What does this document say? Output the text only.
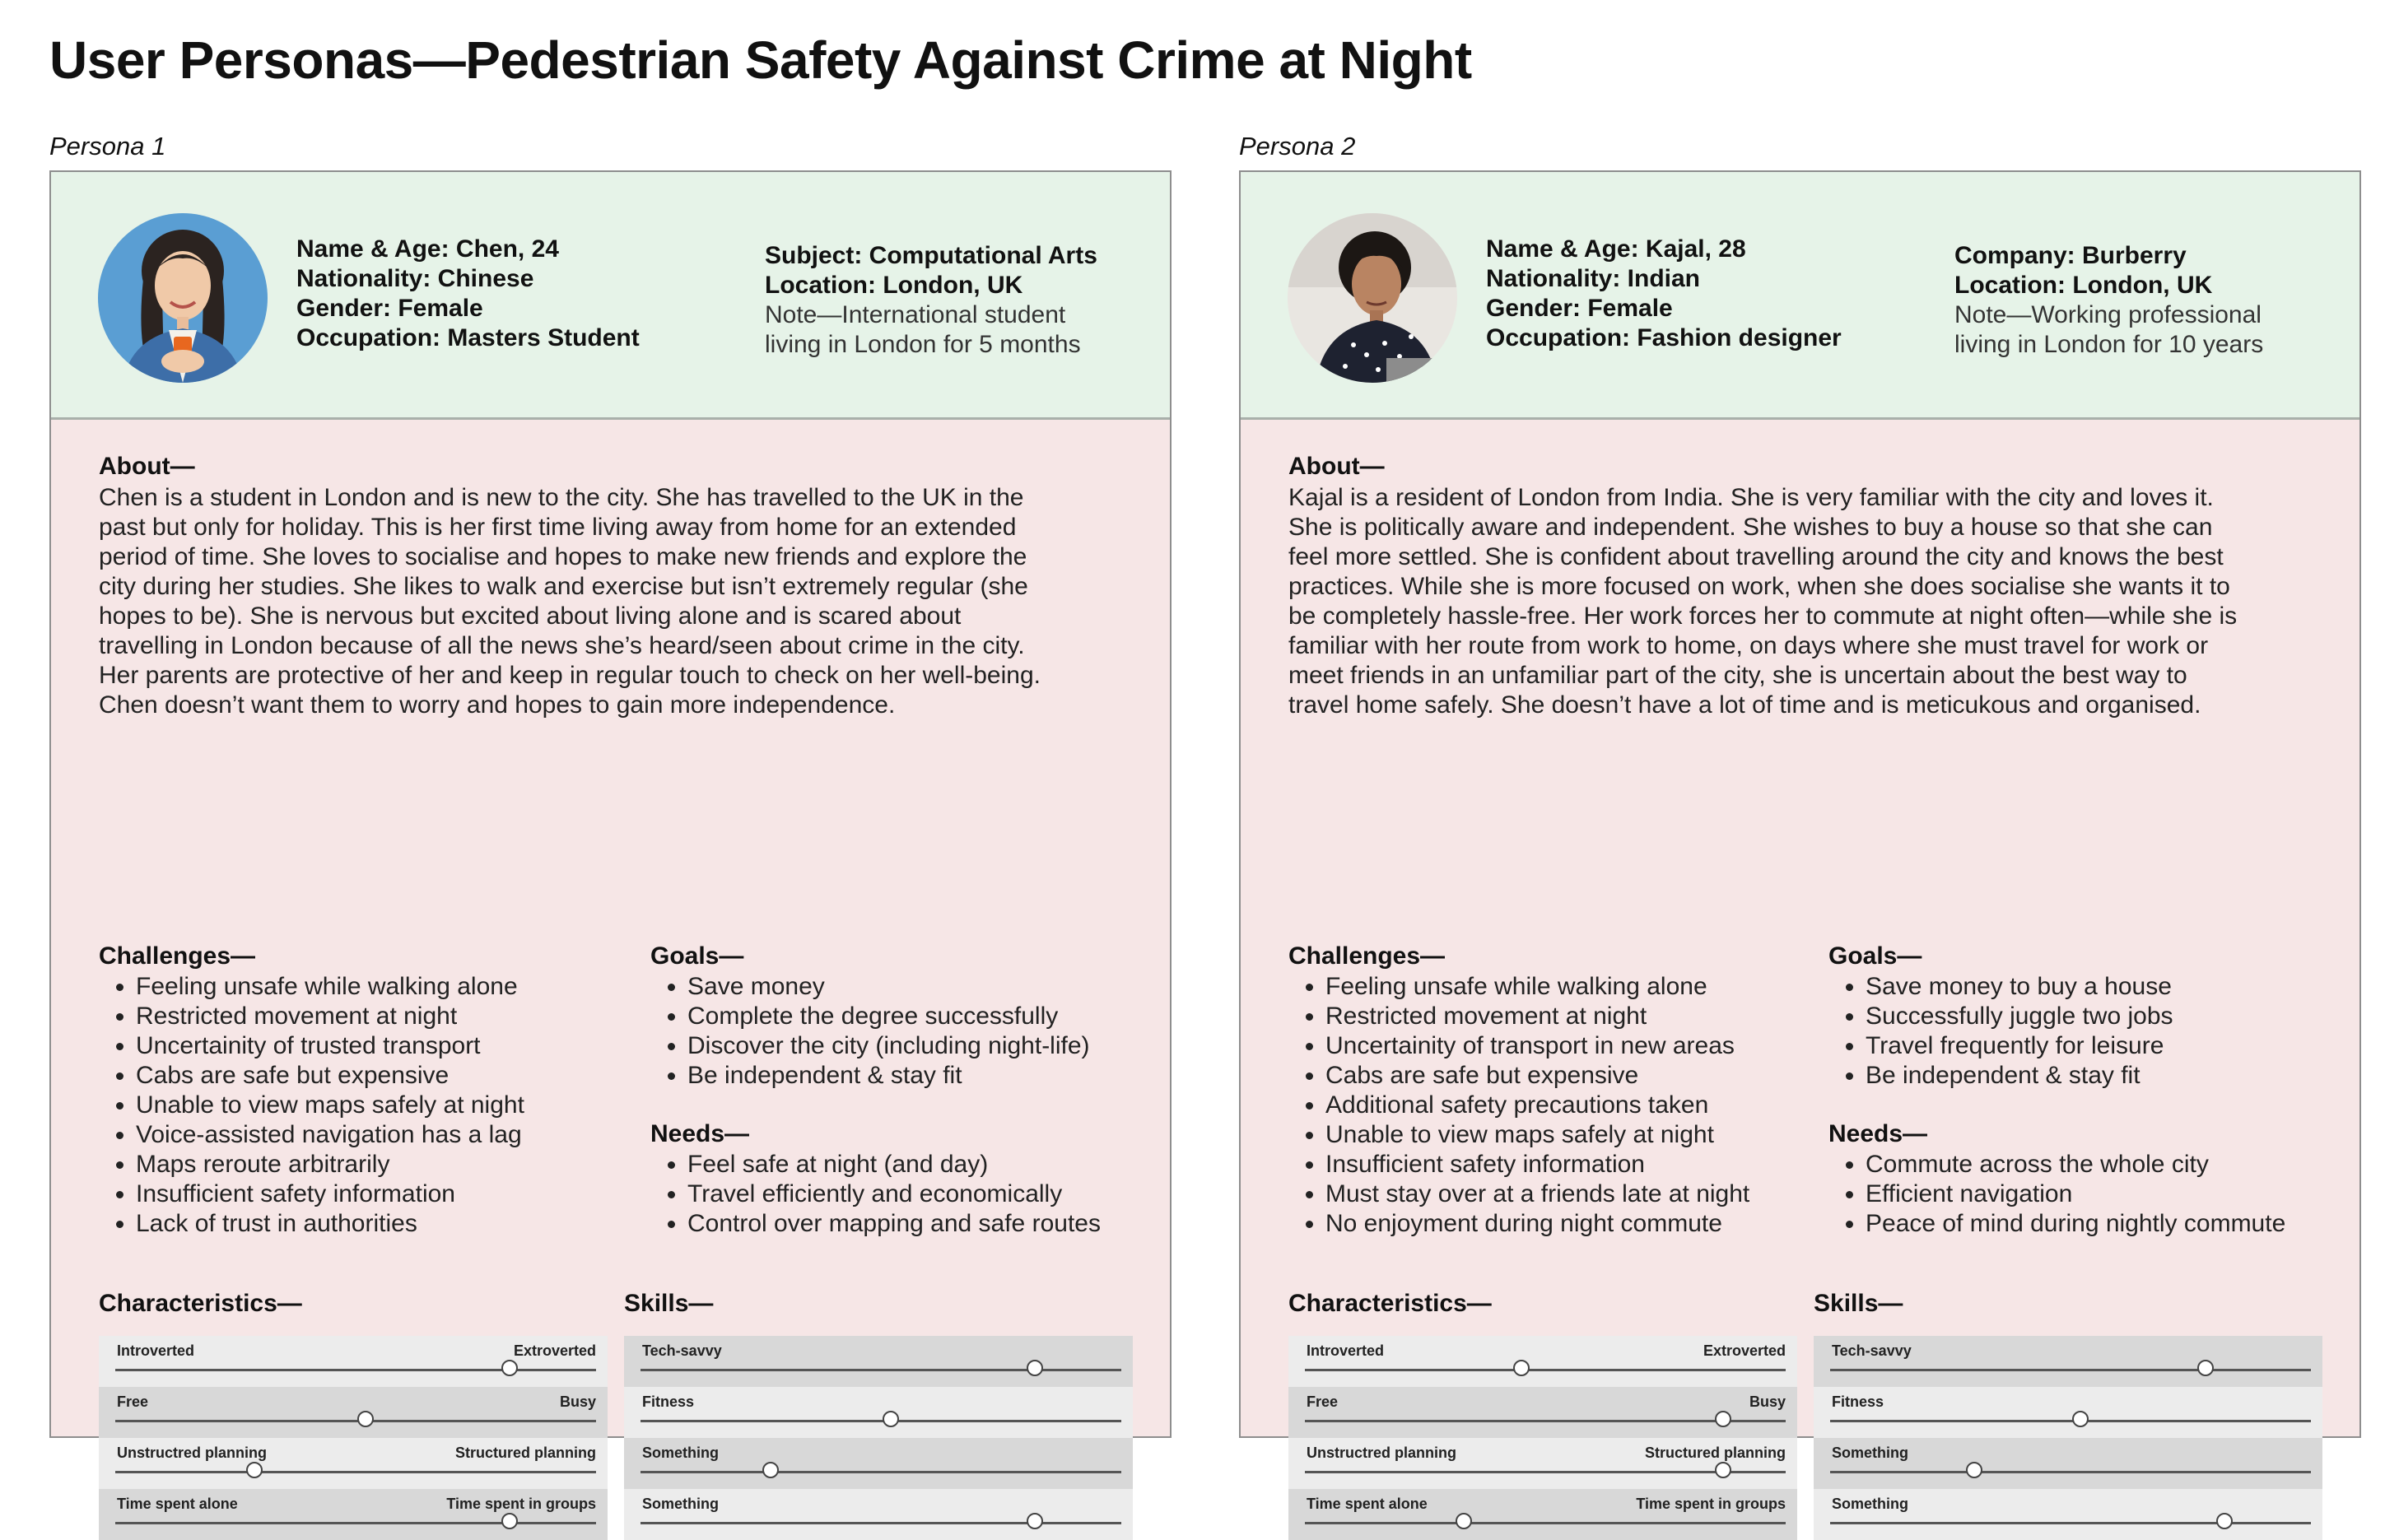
User Personas—Pedestrian Safety Against Crime at Night
Persona 1
Name & Age: Chen, 24
Nationality: Chinese
Gender: Female
Occupation: Masters Student
Subject: Computational Arts
Location: London, UK
Note—International student
living in London for 5 months
About—
Chen is a student in London and is new to the city. She has travelled to the UK in the
past but only for holiday. This is her first time living away from home for an extended
period of time. She loves to socialise and hopes to make new friends and explore the
city during her studies. She likes to walk and exercise but isn’t extremely regular (she
hopes to be). She is nervous but excited about living alone and is scared about
travelling in London because of all the news she’s heard/seen about crime in the city.
Her parents are protective of her and keep in regular touch to check on her well-being.
Chen doesn’t want them to worry and hopes to gain more independence.
Challenges—
• Feeling unsafe while walking alone
• Restricted movement at night
• Uncertainity of trusted transport
• Cabs are safe but expensive
• Unable to view maps safely at night
• Voice-assisted navigation has a lag
• Maps reroute arbitrarily
• Insufficient safety information
• Lack of trust in authorities
Goals—
• Save money
• Complete the degree successfully
• Discover the city (including night-life)
• Be independent & stay fit
Needs—
• Feel safe at night (and day)
• Travel efficiently and economically
• Control over mapping and safe routes
Characteristics—
Introverted	Extroverted
Free	Busy
Unstructred planning	Structured planning
Time spent alone	Time spent in groups
Skills—
Tech-savvy
Fitness
Something
Something
Persona 2
Name & Age: Kajal, 28
Nationality: Indian
Gender: Female
Occupation: Fashion designer
Company: Burberry
Location: London, UK
Note—Working professional
living in London for 10 years
About—
Kajal is a resident of London from India. She is very familiar with the city and loves it.
She is politically aware and independent. She wishes to buy a house so that she can
feel more settled. She is confident about travelling around the city and knows the best
practices. While she is more focused on work, when she does socialise she wants it to
be completely hassle-free. Her work forces her to commute at night often—while she is
familiar with her route from work to home, on days where she must travel for work or
meet friends in an unfamiliar part of the city, she is uncertain about the best way to
travel home safely. She doesn’t have a lot of time and is meticukous and organised.
Challenges—
• Feeling unsafe while walking alone
• Restricted movement at night
• Uncertainity of transport in new areas
• Cabs are safe but expensive
• Additional safety precautions taken
• Unable to view maps safely at night
• Insufficient safety information
• Must stay over at a friends late at night
• No enjoyment during night commute
Goals—
• Save money to buy a house
• Successfully juggle two jobs
• Travel frequently for leisure
• Be independent & stay fit
Needs—
• Commute across the whole city
• Efficient navigation
• Peace of mind during nightly commute
Characteristics—
Introverted	Extroverted
Free	Busy
Unstructred planning	Structured planning
Time spent alone	Time spent in groups
Skills—
Tech-savvy
Fitness
Something
Something
